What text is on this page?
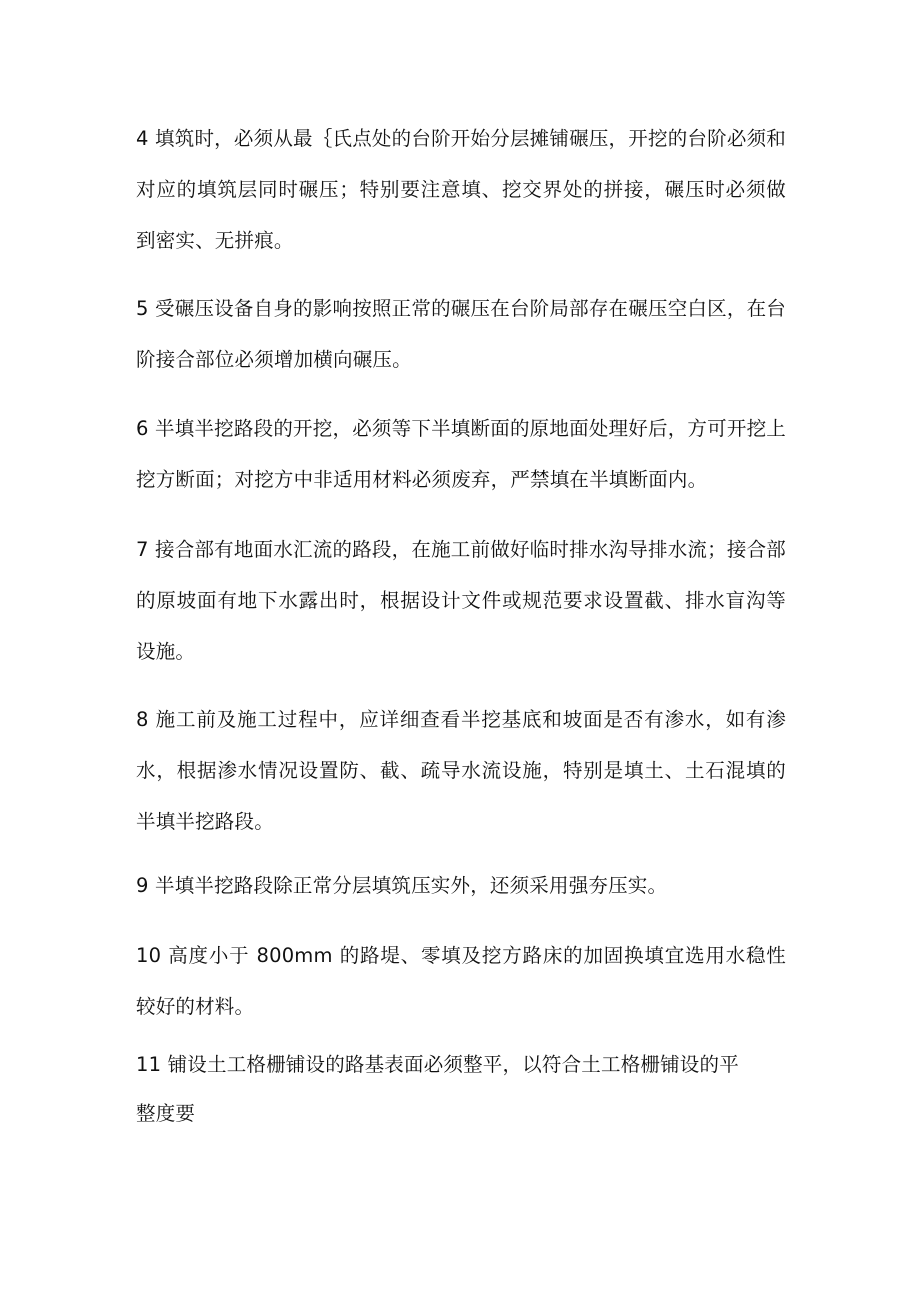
4 填筑时，必须从最｛氏点处的台阶开始分层摊铺碾压，开挖的台阶必须和对应的填筑层同时碾压；特别要注意填、挖交界处的拼接，碾压时必须做到密实、无拼痕。

5 受碾压设备自身的影响按照正常的碾压在台阶局部存在碾压空白区，在台阶接合部位必须增加横向碾压。

6 半填半挖路段的开挖，必须等下半填断面的原地面处理好后，方可开挖上挖方断面；对挖方中非适用材料必须废弃，严禁填在半填断面内。

7 接合部有地面水汇流的路段，在施工前做好临时排水沟导排水流；接合部的原坡面有地下水露出时，根据设计文件或规范要求设置截、排水盲沟等设施。

8 施工前及施工过程中，应详细查看半挖基底和坡面是否有渗水，如有渗水，根据渗水情况设置防、截、疏导水流设施，特别是填土、土石混填的半填半挖路段。

9 半填半挖路段除正常分层填筑压实外，还须采用强夯压实。

10 高度小于 800mm 的路堤、零填及挖方路床的加固换填宜选用水稳性较好的材料。

11 铺设土工格栅铺设的路基表面必须整平，以符合土工格栅铺设的平整度要
